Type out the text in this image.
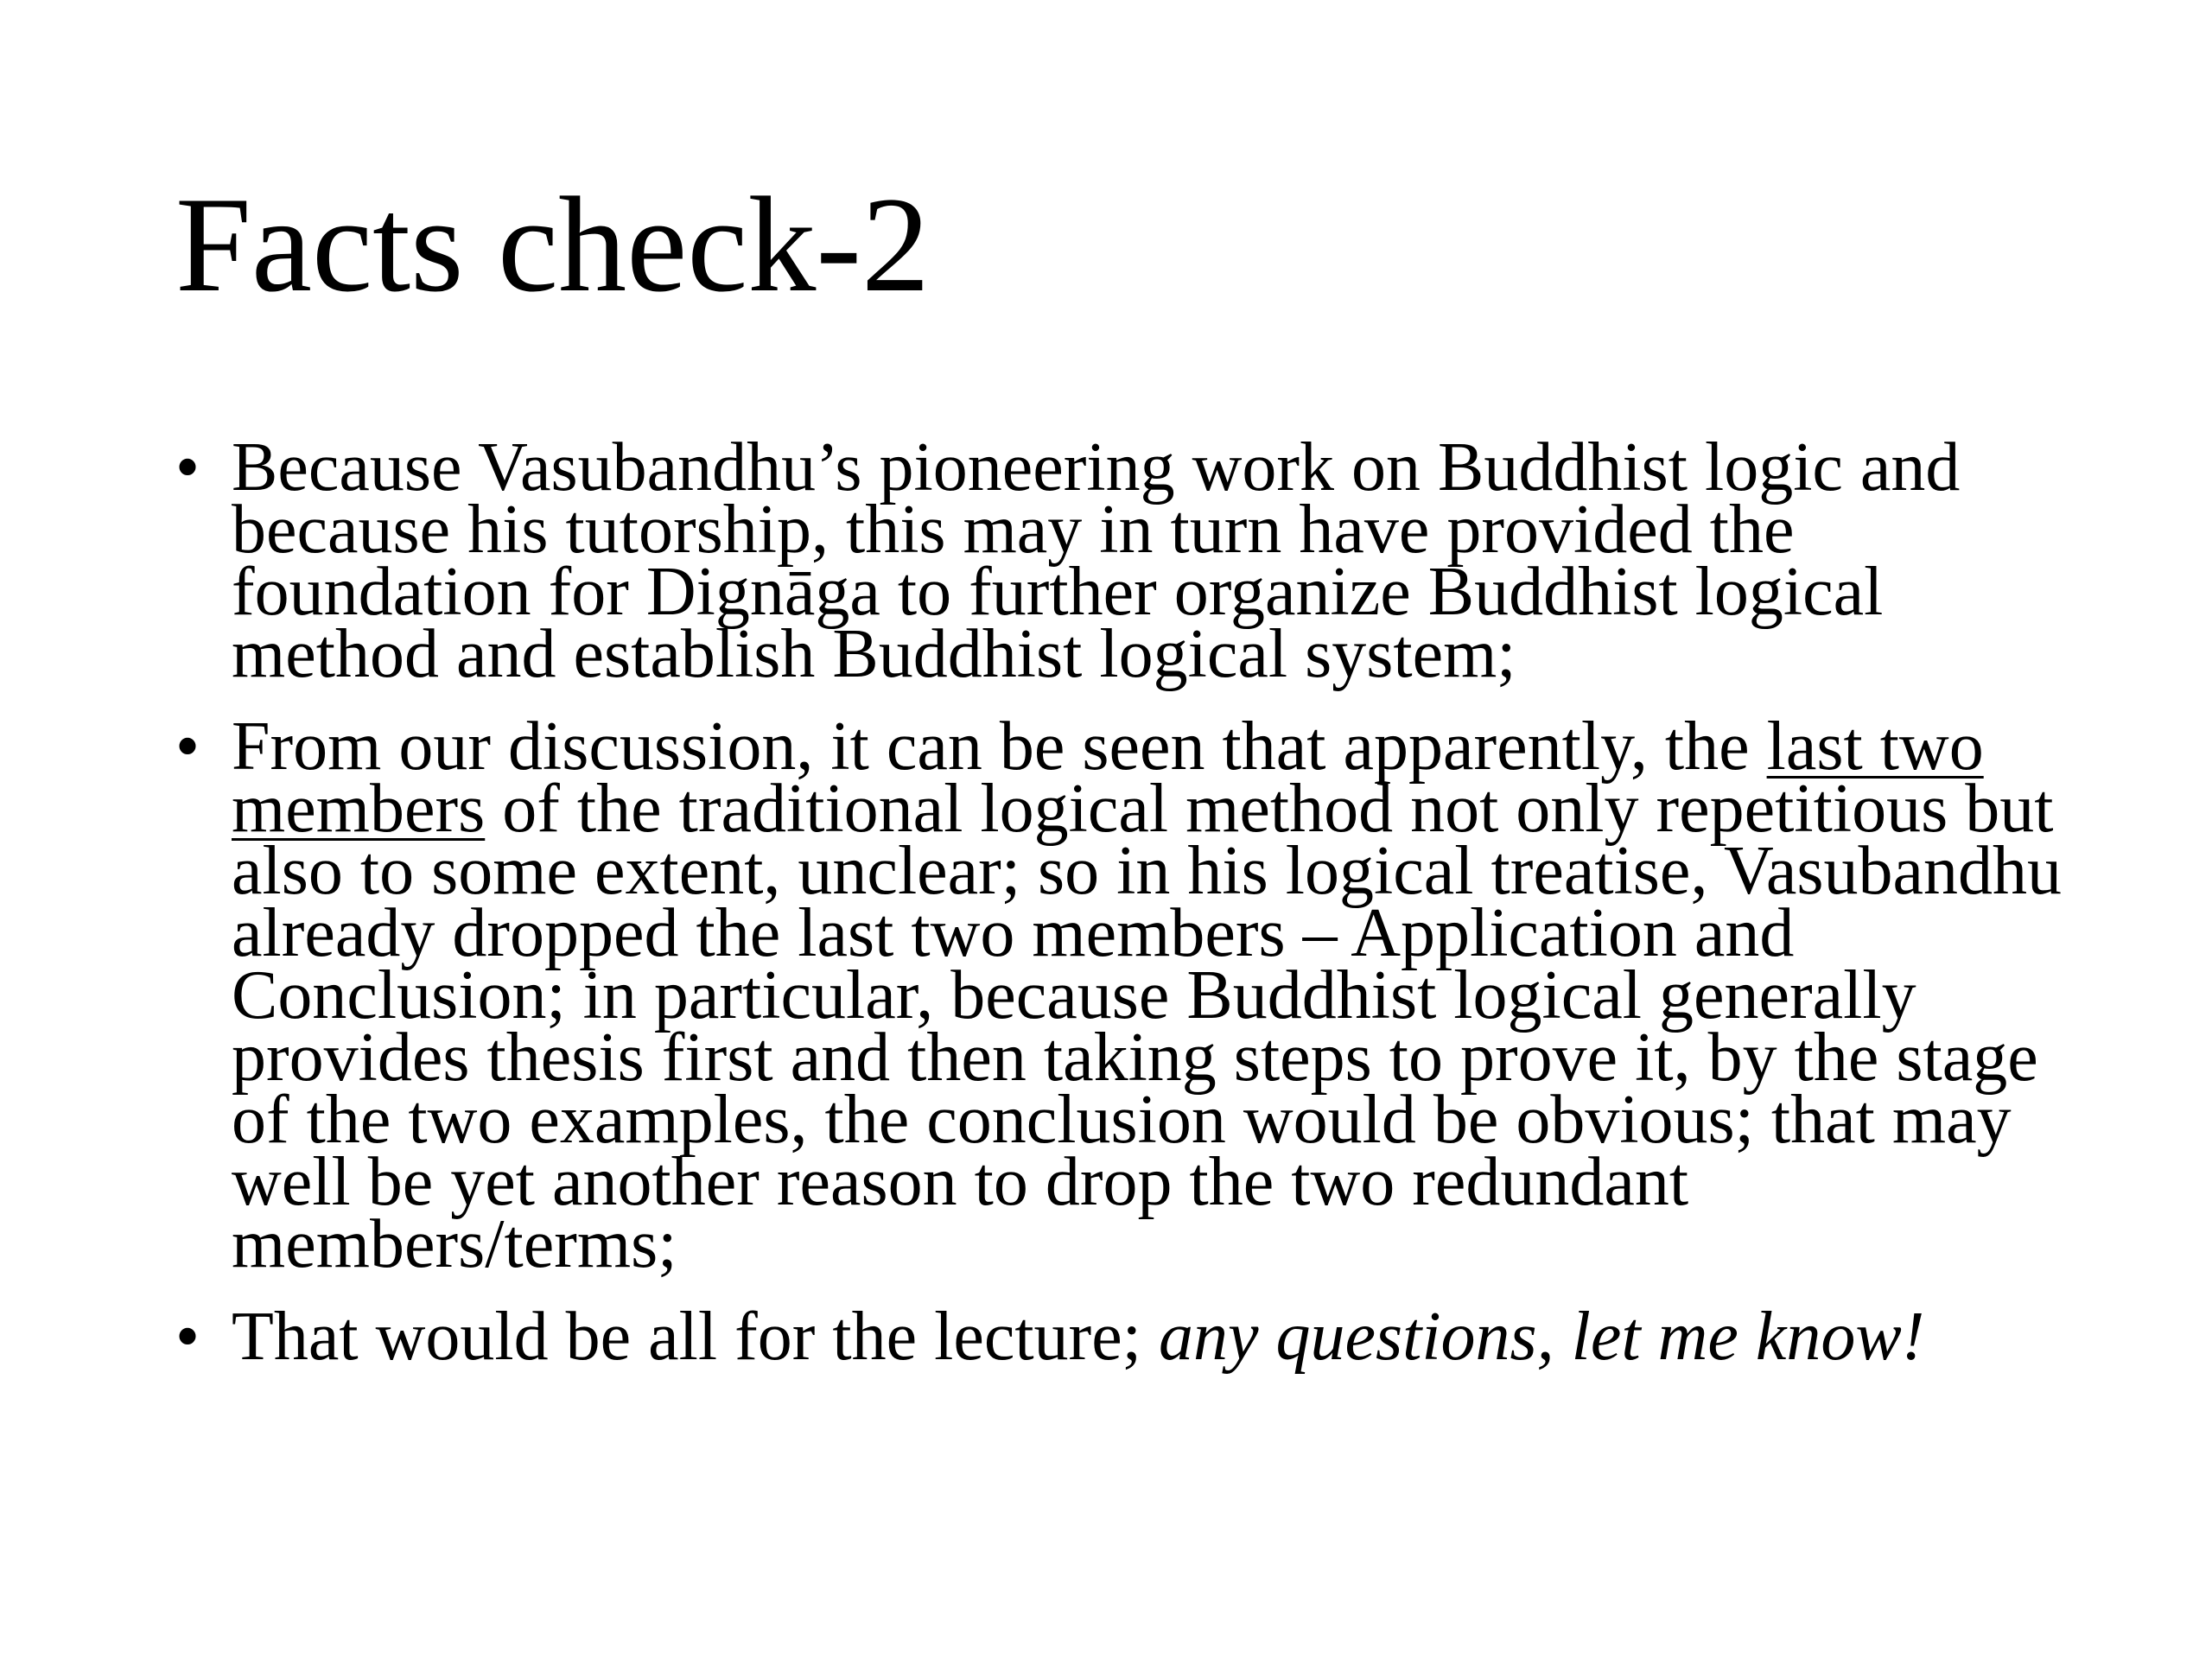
Facts check-2
• Because Vasubandhu’s pioneering work on Buddhist logic and because his tutorship, this may in turn have provided the foundation for Dignāga to further organize Buddhist logical method and establish Buddhist logical system;
• From our discussion, it can be seen that apparently, the last two members of the traditional logical method not only repetitious but also to some extent, unclear; so in his logical treatise, Vasubandhu already dropped the last two members – Application and Conclusion; in particular, because Buddhist logical generally provides thesis first and then taking steps to prove it, by the stage of the two examples, the conclusion would be obvious; that may well be yet another reason to drop the two redundant members/terms;
• That would be all for the lecture; any questions, let me know!
